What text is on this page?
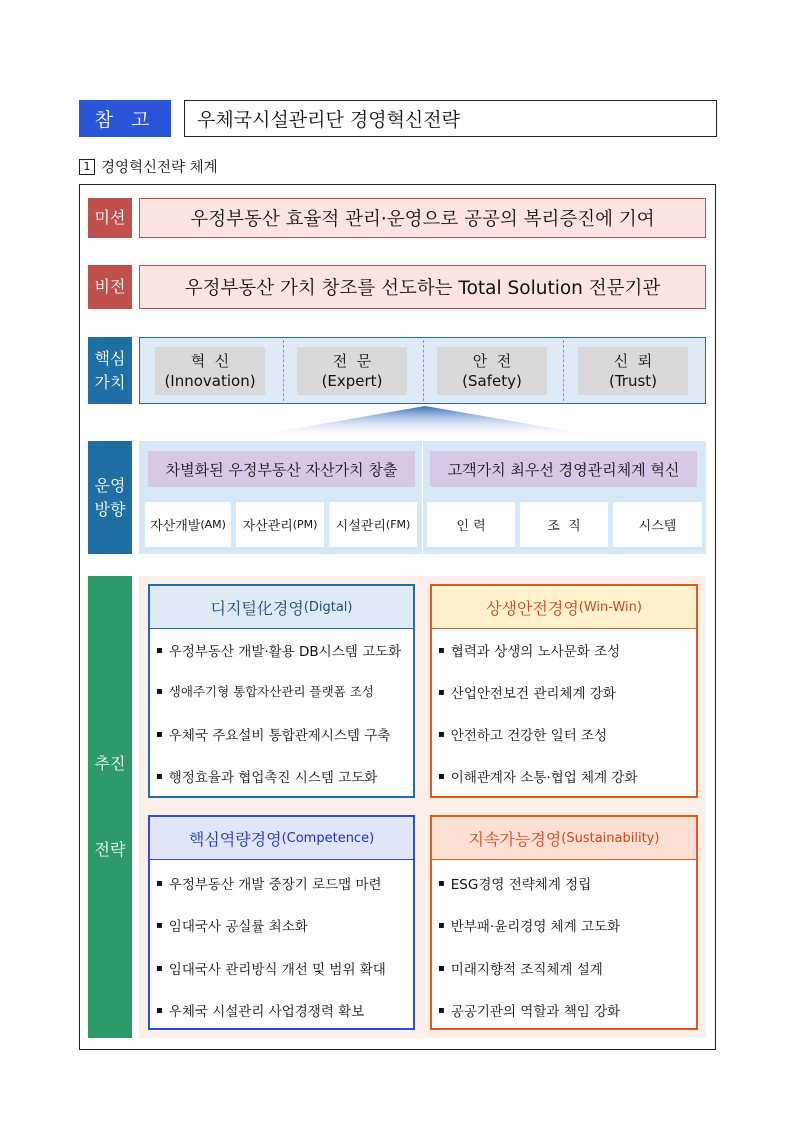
참 고	우체국시설관리단 경영혁신전략
1 경영혁신전략 체계
미션	우정부동산 효율적 관리·운영으로 공공의 복리증진에 기여
비전	우정부동산 가치 창조를 선도하는 Total Solution 전문기관
핵심
가치
혁  신
(Innovation)
전  문
(Expert)
안  전
(Safety)
신  뢰
(Trust)
운영
방향
차별화된 우정부동산 자산가치 창출	고객가치 최우선 경영관리체계 혁신
자산개발 (AM) 자산관리 (PM) 시설관리 (FM)	인 력	조  직	시스템
추진
전략
디지털化경영 (Digtal)
▪ 우정부동산 개발·활용 DB시스템 고도화
▪ 생애주기형 통합자산관리 플랫폼 조성
▪ 우체국 주요설비 통합관제시스템 구축
▪ 행정효율과 협업촉진 시스템 고도화
상생안전경영 (Win-Win)
▪ 협력과 상생의 노사문화 조성
▪ 산업안전보건 관리체계 강화
▪ 안전하고 건강한 일터 조성
▪ 이해관계자 소통·협업 체계 강화
핵심역량경영 (Competence)
▪ 우정부동산 개발 중장기 로드맵 마련
▪ 임대국사 공실률 최소화
▪ 임대국사 관리방식 개선 및 범위 확대
▪ 우체국 시설관리 사업경쟁력 확보
지속가능경영 (Sustainability)
▪ ESG경영 전략체계 정립
▪ 반부패·윤리경영 체계 고도화
▪ 미래지향적 조직체계 설계
▪ 공공기관의 역할과 책임 강화
